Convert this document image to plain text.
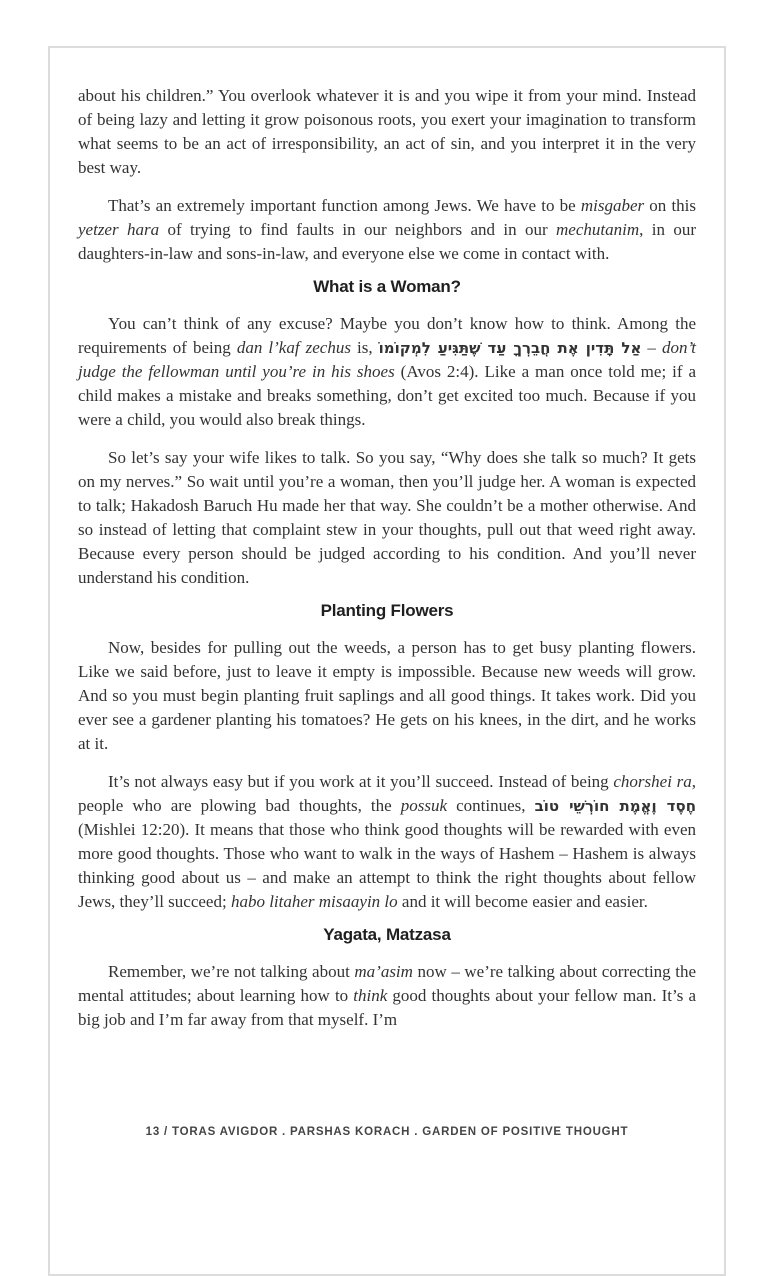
about his children.” You overlook whatever it is and you wipe it from your mind. Instead of being lazy and letting it grow poisonous roots, you exert your imagination to transform what seems to be an act of irresponsibility, an act of sin, and you interpret it in the very best way.

That’s an extremely important function among Jews. We have to be misgaber on this yetzer hara of trying to find faults in our neighbors and in our mechutanim, in our daughters-in-law and sons-in-law, and everyone else we come in contact with.

What is a Woman?

You can’t think of any excuse? Maybe you don’t know how to think. Among the requirements of being dan l’kaf zechus is, אַל תָּדִין אֶת חֲבֵרְךָ עַד שֶׁתַּגִּיעַ לִמְקוֹמוֹ – don’t judge the fellowman until you’re in his shoes (Avos 2:4). Like a man once told me; if a child makes a mistake and breaks something, don’t get excited too much. Because if you were a child, you would also break things.

So let’s say your wife likes to talk. So you say, “Why does she talk so much? It gets on my nerves.” So wait until you’re a woman, then you’ll judge her. A woman is expected to talk; Hakadosh Baruch Hu made her that way. She couldn’t be a mother otherwise. And so instead of letting that complaint stew in your thoughts, pull out that weed right away. Because every person should be judged according to his condition. And you’ll never understand his condition.

Planting Flowers

Now, besides for pulling out the weeds, a person has to get busy planting flowers. Like we said before, just to leave it empty is impossible. Because new weeds will grow. And so you must begin planting fruit saplings and all good things. It takes work. Did you ever see a gardener planting his tomatoes? He gets on his knees, in the dirt, and he works at it.

It’s not always easy but if you work at it you’ll succeed. Instead of being chorshei ra, people who are plowing bad thoughts, the possuk continues, חֶסֶד וֶאֱמֶת חוֹרְשֵׁי טוֹב (Mishlei 12:20). It means that those who think good thoughts will be rewarded with even more good thoughts. Those who want to walk in the ways of Hashem – Hashem is always thinking good about us – and make an attempt to think the right thoughts about fellow Jews, they’ll succeed; habo litaher misaayin lo and it will become easier and easier.

Yagata, Matzasa

Remember, we’re not talking about ma’asim now – we’re talking about correcting the mental attitudes; about learning how to think good thoughts about your fellow man. It’s a big job and I’m far away from that myself. I’m

13 / TORAS AVIGDOR . PARSHAS KORACH . GARDEN OF POSITIVE THOUGHT
